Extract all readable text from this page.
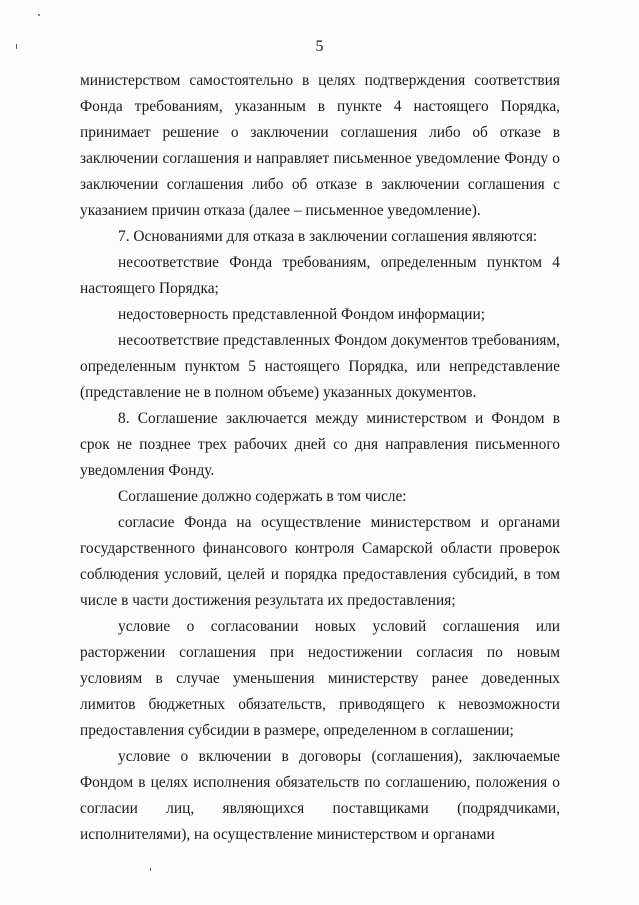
5

министерством самостоятельно в целях подтверждения соответствия Фонда требованиям, указанным в пункте 4 настоящего Порядка, принимает решение о заключении соглашения либо об отказе в заключении соглашения и направляет письменное уведомление Фонду о заключении соглашения либо об отказе в заключении соглашения с указанием причин отказа (далее – письменное уведомление).

7. Основаниями для отказа в заключении соглашения являются:

несоответствие Фонда требованиям, определенным пунктом 4 настоящего Порядка;

недостоверность представленной Фондом информации;

несоответствие представленных Фондом документов требованиям, определенным пунктом 5 настоящего Порядка, или непредставление (представление не в полном объеме) указанных документов.

8. Соглашение заключается между министерством и Фондом в срок не позднее трех рабочих дней со дня направления письменного уведомления Фонду.

Соглашение должно содержать в том числе:

согласие Фонда на осуществление министерством и органами государственного финансового контроля Самарской области проверок соблюдения условий, целей и порядка предоставления субсидий, в том числе в части достижения результата их предоставления;

условие о согласовании новых условий соглашения или расторжении соглашения при недостижении согласия по новым условиям в случае уменьшения министерству ранее доведенных лимитов бюджетных обязательств, приводящего к невозможности предоставления субсидии в размере, определенном в соглашении;

условие о включении в договоры (соглашения), заключаемые Фондом в целях исполнения обязательств по соглашению, положения о согласии лиц, являющихся поставщиками (подрядчиками, исполнителями), на осуществление министерством и органами
